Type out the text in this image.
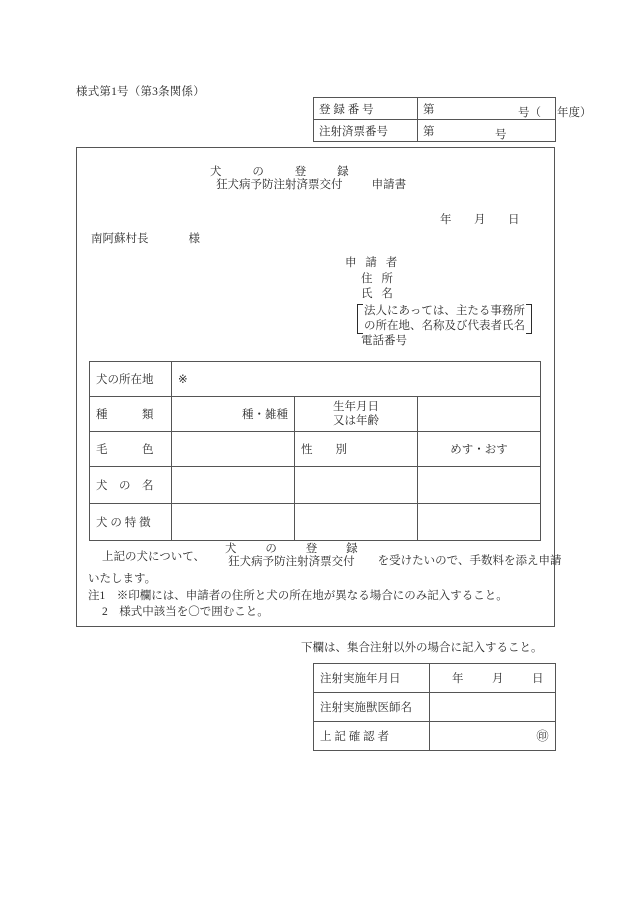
様式第1号（第3条関係）
登 録 番 号	第 号（ 年度）

注射済票番号	第 号
犬 の 登 録
狂犬病予防注射済票交付	申請書
年 月 日
南阿蘇村長	様
申 請 者
住 所
氏 名
法人にあっては、主たる事務所
の所在地、名称及び代表者氏名
電話番号
犬の所在地	※		

種　　　類	種・雑種	生年月日
又は年齢	

毛　　　色		性　　別	めす・おす

犬　の　名			

犬 の 特 徴			

上記の犬について、
犬 の 登 録
狂犬病予防注射済票交付	を受けたいので、手数料を添え申請
いたします。
注1　※印欄には、申請者の住所と犬の所在地が異なる場合にのみ記入すること。
2　様式中該当を〇で囲むこと。
下欄は、集合注射以外の場合に記入すること。
注射実施年月日	年 月 日
注射実施獣医師名	

上 記 確 認 者	㊞
